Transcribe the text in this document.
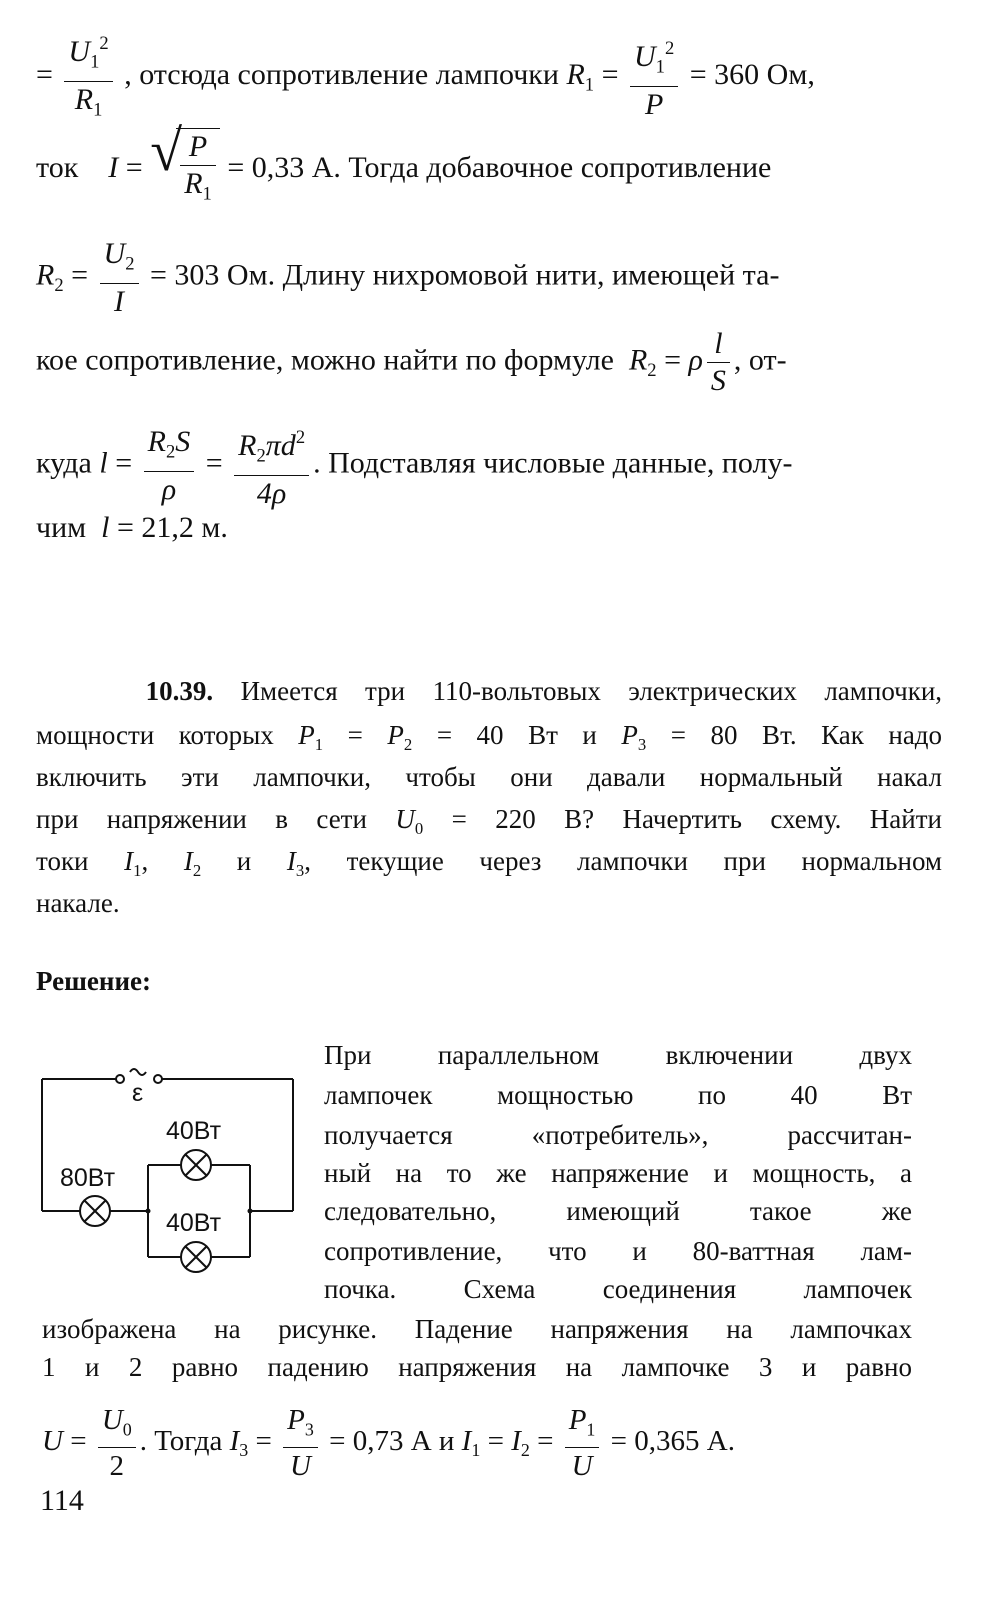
= $\frac{U_1^2}{R_1}$ , отсюда сопротивление лампочки $R_1 = \frac{U_1^2}{P} = 360$ Ом,
ток I = √
$\frac{P}{R_1} = 0,33$ А. Тогда добавочное сопротивление
$R_2 = \frac{U_2}{I} = 303$ Ом. Длину нихромовой нити, имеющей та-
кое сопротивление, можно найти по формуле $R_2 = \rho \frac{l}{S}$ , от-
куда $l = \frac{R_2S}{\rho} = \frac{R_2\pi d^2}{4\rho}$ . Подставляя числовые данные, полу-
чим l = 21,2 м.
10.39. Имеется три 110-вольтовых электрических лампочки,
мощности которых $P_1 = P_2 = 40$ Вт и $P_3 = 80$ Вт. Как надо
включить эти лампочки, чтобы они давали нормальный накал
при напряжении в сети $U_0 = 220$ В? Начертить схему. Найти
токи $I_1$, $I_2$ и $I_3$, текущие через лампочки при нормальном
накале.
Решение:
ε
40Вт
80Вт
40Вт
При параллельном включении двух
лампочек мощностью по 40 Вт
получается «потребитель», рассчитан-
ный на то же напряжение и мощность, а
следовательно, имеющий такое же
сопротивление, что и 80-ваттная лам-
почка. Схема соединения лампочек
изображена на рисунке. Падение напряжения на лампочках
1 и 2 равно падению напряжения на лампочке 3 и равно
$U = \frac{U_0}{2}$ . Тогда $I_3 = \frac{P_3}{U} = 0,73$ А и $I_1 = I_2 = \frac{P_1}{U} = 0,365$ А.
114
